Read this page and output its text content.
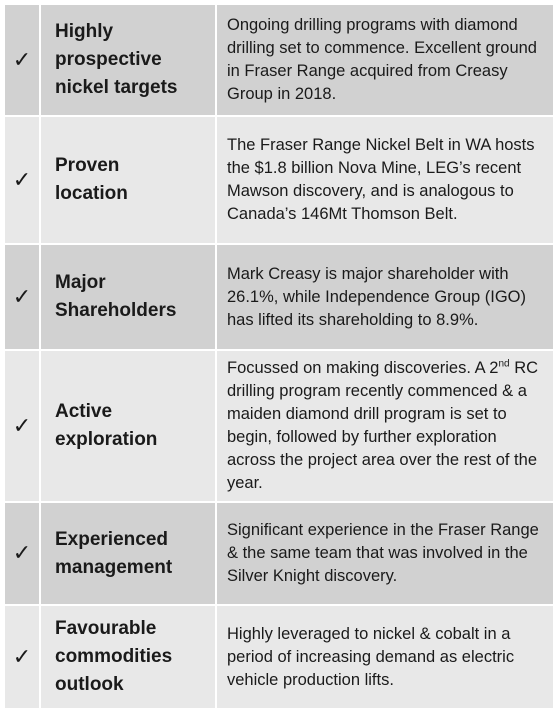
✓	Highly
prospective
nickel targets	Ongoing drilling programs with diamond drilling set to commence. Excellent ground in Fraser Range acquired from Creasy Group in 2018.
✓	Proven
location	The Fraser Range Nickel Belt in WA hosts the $1.8 billion Nova Mine, LEG’s recent Mawson discovery, and is analogous to Canada’s 146Mt Thomson Belt.
✓	Major
Shareholders	Mark Creasy is major shareholder with 26.1%, while Independence Group (IGO) has lifted its shareholding to 8.9%.
✓	Active
exploration	Focussed on making discoveries. A 2nd RC drilling program recently commenced & a maiden diamond drill program is set to begin, followed by further exploration across the project area over the rest of the year.
✓	Experienced
management	Significant experience in the Fraser Range & the same team that was involved in the Silver Knight discovery.
✓	Favourable
commodities
outlook	Highly leveraged to nickel & cobalt in a period of increasing demand as electric vehicle production lifts.
